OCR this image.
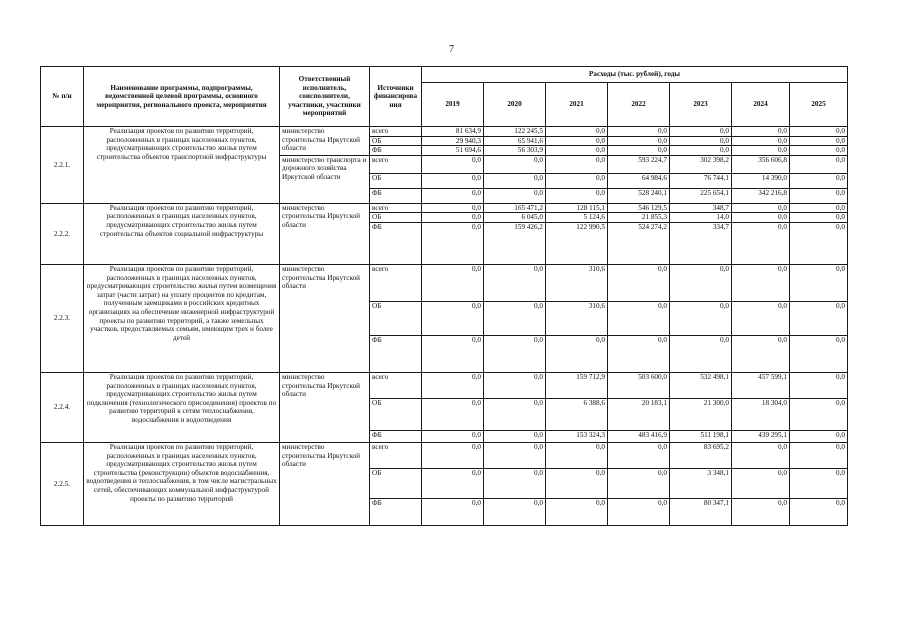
7
№ п/н	Наименование программы, подпрограммы, ведомственной целевой программы, основного мероприятия, регионального проекта, мероприятия	Ответственный исполнитель, соисполнители, участники, участники мероприятий	Источники финансирова ния	Расходы (тыс. рублей), годы						
				2019	2020	2021	2022	2023	2024	2025
2.2.1.	Реализация проектов по развитию территорий, расположенных в границах населенных пунктов, предусматривающих строительство жилья путем строительства объектов транспортной инфраструктуры	министерство строительства Иркутской области	всего	81 634,9	122 245,5	0,0	0,0	0,0	0,0	0,0
			ОБ	29 940,3	65 941,6	0,0	0,0	0,0	0,0	0,0
			ФБ	51 694,6	56 303,9	0,0	0,0	0,0	0,0	0,0
		министерство транспорта и дорожного хозяйства Иркутской области	всего	0,0	0,0	0,0	593 224,7	302 398,2	356 606,8	0,0
			ОБ	0,0	0,0	0,0	64 984,6	76 744,1	14 390,0	0,0
			ФБ	0,0	0,0	0,0	528 240,1	225 654,1	342 216,8	0,0
2.2.2.	Реализация проектов по развитию территорий, расположенных в границах населенных пунктов, предусматривающих строительство жилья путем строительства объектов социальной инфраструктуры	министерство строительства Иркутской области	всего	0,0	165 471,2	128 115,1	546 129,5	348,7	0,0	0,0
			ОБ	0,0	6 045,0	5 124,6	21 855,3	14,0	0,0	0,0
			ФБ	0,0	159 426,2	122 990,5	524 274,2	334,7	0,0	0,0
2.2.3.	Реализация проектов по развитию территорий, расположенных в границах населенных пунктов, предусматривающих строительство жилья путем возмещения затрат (части затрат) на уплату процентов по кредитам, полученным заемщиками в российских кредитных организациях на обеспечение инженерной инфраструктурой проекты по развитию территорий, а также земельных участков, предоставляемых семьям, имеющим трех и более детей	министерство строительства Иркутской области	всего	0,0	0,0	310,6	0,0	0,0	0,0	0,0
			ОБ	0,0	0,0	310,6	0,0	0,0	0,0	0,0
			ФБ	0,0	0,0	0,0	0,0	0,0	0,0	0,0
2.2.4.	Реализация проектов по развитию территорий, расположенных в границах населенных пунктов, предусматривающих строительство жилья путем подключения (технологического присоединения) проектов по развитию территорий к сетям теплоснабжения, водоснабжения и водоотведения	министерство строительства Иркутской области	всего	0,0	0,0	159 712,9	503 600,0	532 498,1	457 599,1	0,0
			ОБ	0,0	0,0	6 388,6	20 183,1	21 300,0	18 304,0	0,0
			ФБ	0,0	0,0	153 324,3	483 416,9	511 198,1	439 295,1	0,0
2.2.5.	Реализация проектов по развитию территорий, расположенных в границах населенных пунктов, предусматривающих строительство жилья путем строительства (реконструкции) объектов водоснабжения, водоотведения и теплоснабжения, в том числе магистральных сетей, обеспечивающих коммунальной инфраструктурой проекты по развитию территорий	министерство строительства Иркутской области	всего	0,0	0,0	0,0	0,0	83 695,2	0,0	0,0
			ОБ	0,0	0,0	0,0	0,0	3 348,1	0,0	0,0
			ФБ	0,0	0,0	0,0	0,0	80 347,1	0,0	0,0
